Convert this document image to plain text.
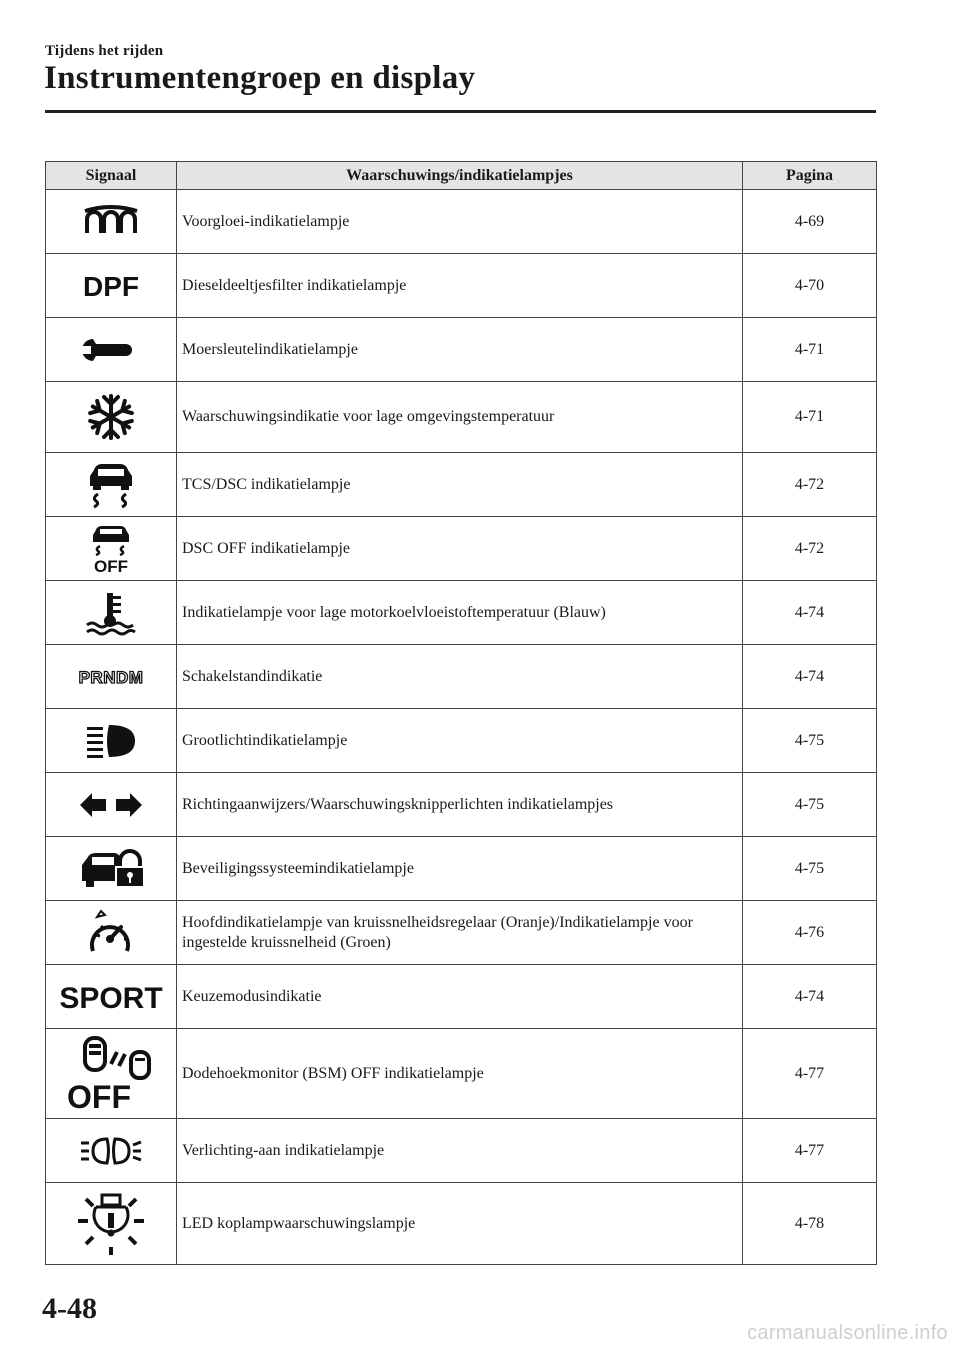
Tijdens het rijden
Instrumentengroep en display
Signaal	Waarschuwings/indikatielampjes	Pagina

	Voorgloei-indikatielampje	4-69

DPF	Dieseldeeltjesfilter indikatielampje	4-70

	Moersleutelindikatielampje	4-71

	Waarschuwingsindikatie voor lage omgevingstemperatuur	4-71

	TCS/DSC indikatielampje	4-72

OFF	DSC OFF indikatielampje	4-72

	Indikatielampje voor lage motorkoelvloeistoftemperatuur (Blauw)	4-74

PRNDM	Schakelstandindikatie	4-74

	Grootlichtindikatielampje	4-75

	Richtingaanwijzers/Waarschuwingsknipperlichten indikatielampjes	4-75

	Beveiligingssysteemindikatielampje	4-75

	Hoofdindikatielampje van kruissnelheidsregelaar (Oranje)/Indikatielampje voor ingestelde kruissnelheid (Groen)	4-76

SPORT	Keuzemodusindikatie	4-74

OFF	Dodehoekmonitor (BSM) OFF indikatielampje	4-77

	Verlichting-aan indikatielampje	4-77

	LED koplampwaarschuwingslampje	4-78
4-48
carmanualsonline.info
